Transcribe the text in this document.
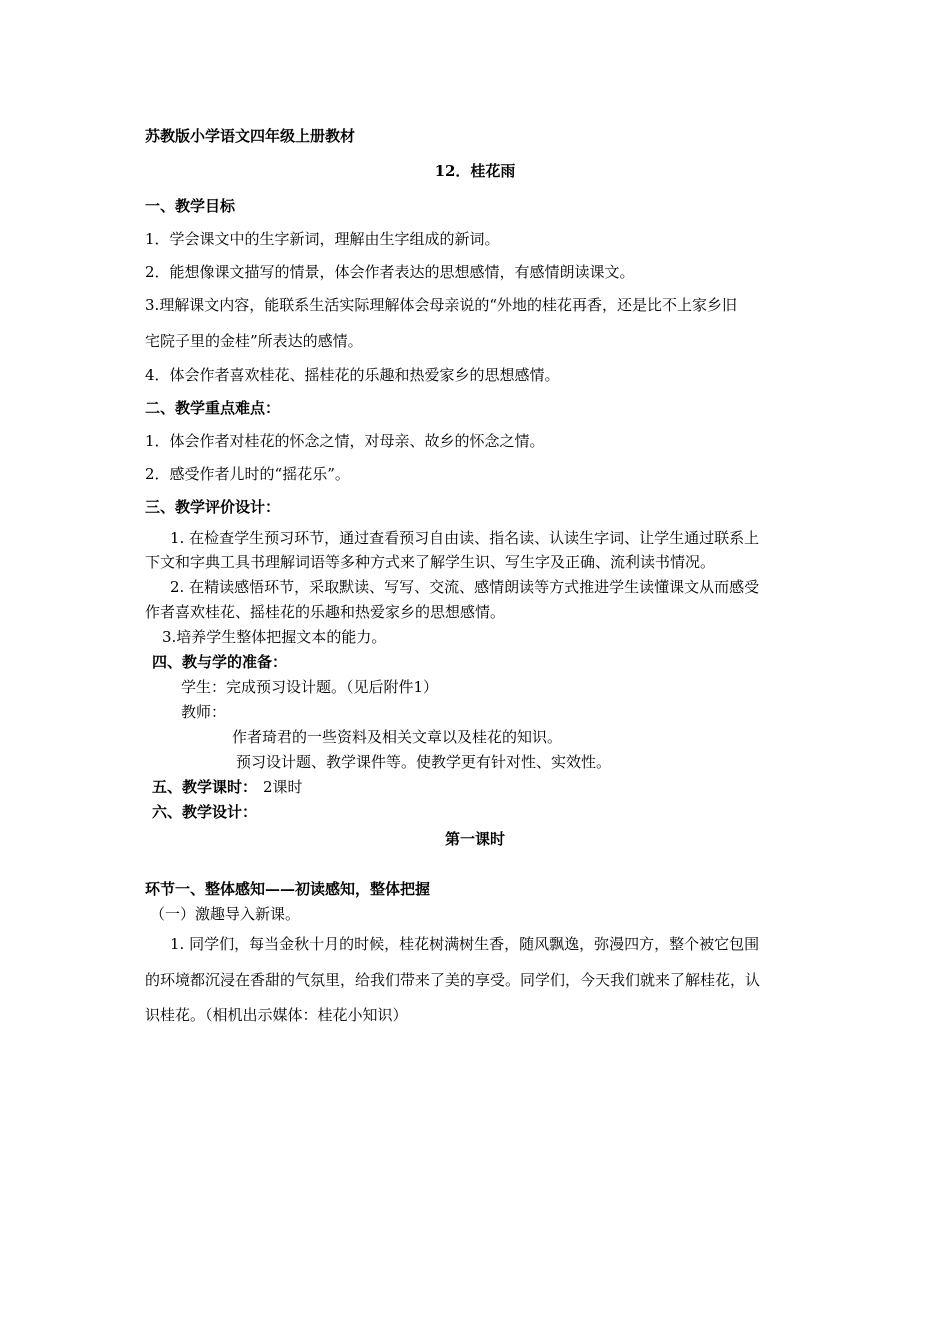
苏教版小学语文四年级上册教材
12．桂花雨
一、教学目标
1．学会课文中的生字新词，理解由生字组成的新词。
2．能想像课文描写的情景，体会作者表达的思想感情，有感情朗读课文。
3.理解课文内容，能联系生活实际理解体会母亲说的“外地的桂花再香，还是比不上家乡旧
宅院子里的金桂”所表达的感情。
4．体会作者喜欢桂花、摇桂花的乐趣和热爱家乡的思想感情。
二、教学重点难点：
1．体会作者对桂花的怀念之情，对母亲、故乡的怀念之情。
2．感受作者儿时的“摇花乐”。
三、教学评价设计：
1. 在检查学生预习环节，通过查看预习自由读、指名读、认读生字词、让学生通过联系上
下文和字典工具书理解词语等多种方式来了解学生识、写生字及正确、流利读书情况。
2. 在精读感悟环节，采取默读、写写、交流、感情朗读等方式推进学生读懂课文从而感受
作者喜欢桂花、摇桂花的乐趣和热爱家乡的思想感情。
3.培养学生整体把握文本的能力。
四、教与学的准备：
学生：完成预习设计题。（见后附件1）
教师：
作者琦君的一些资料及相关文章以及桂花的知识。
预习设计题、教学课件等。使教学更有针对性、实效性。
五、教学课时： 2课时
六、教学设计：
第一课时
环节一、整体感知——初读感知，整体把握
（一）激趣导入新课。
1. 同学们，每当金秋十月的时候，桂花树满树生香，随风飘逸，弥漫四方，整个被它包围
的环境都沉浸在香甜的气氛里，给我们带来了美的享受。同学们，今天我们就来了解桂花，认
识桂花。（相机出示媒体：桂花小知识）
